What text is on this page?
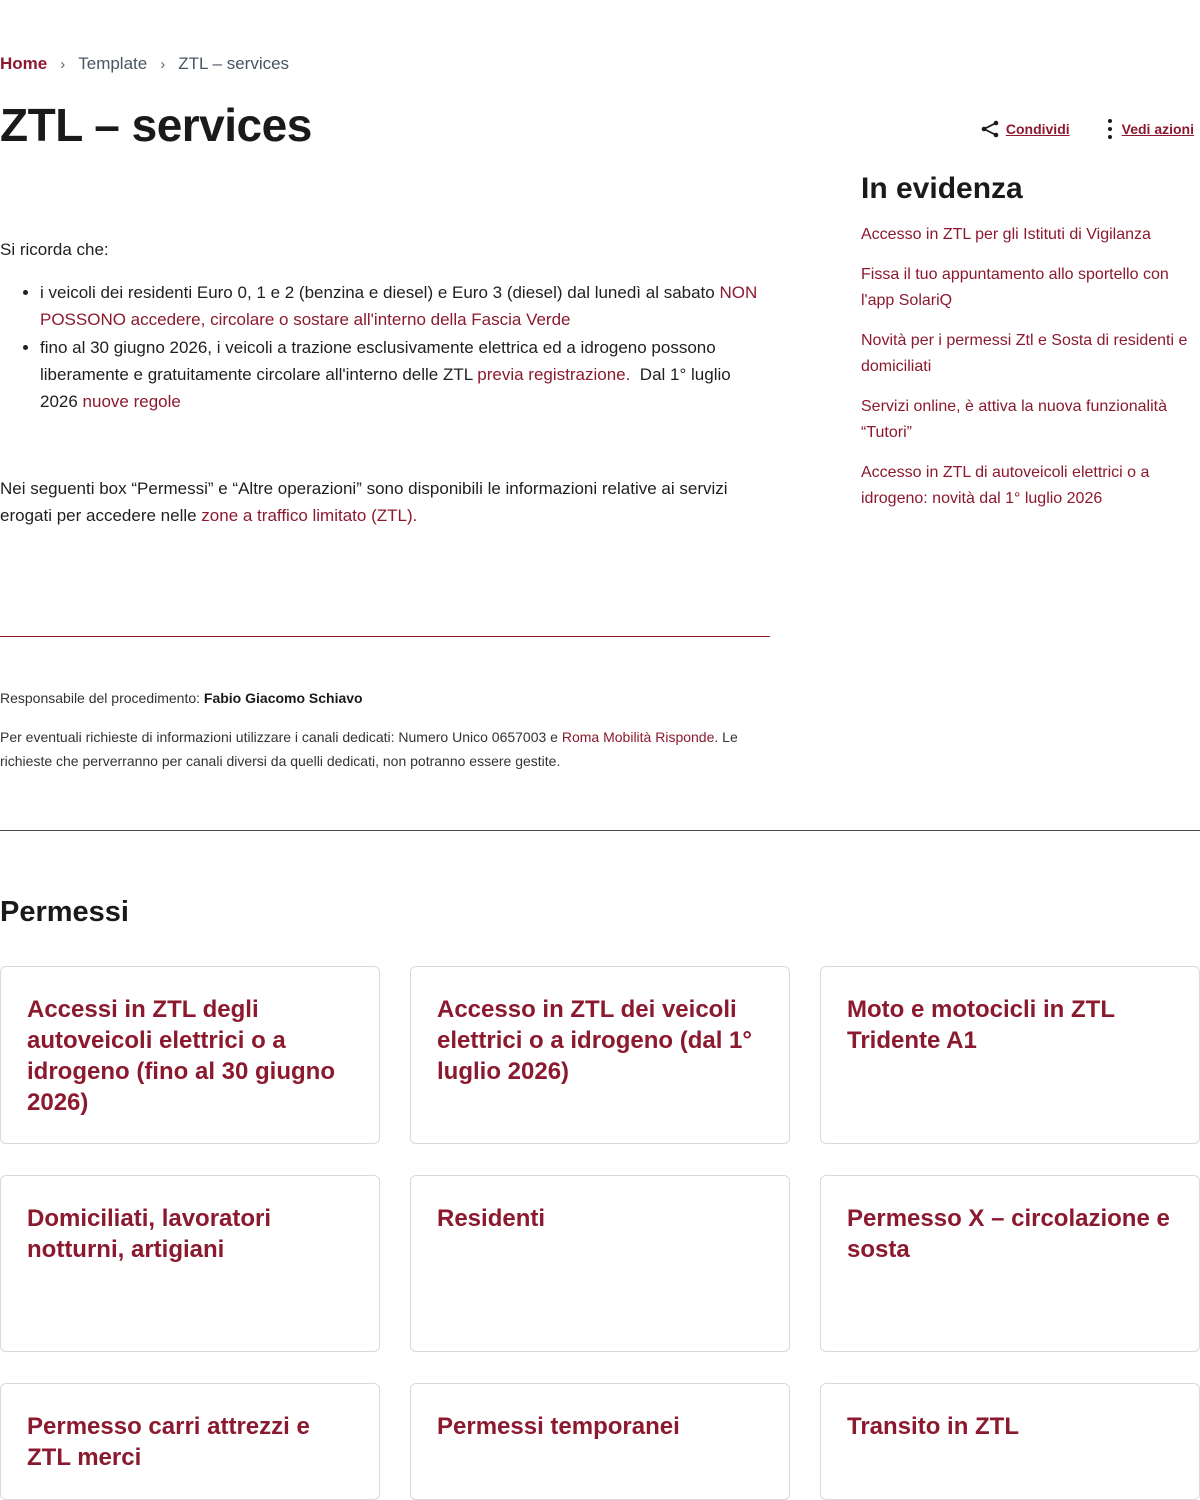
Home › Template › ZTL – services
ZTL – services	Condividi	Vedi azioni
In evidenza
Accesso in ZTL per gli Istituti di Vigilanza
Fissa il tuo appuntamento allo sportello con l'app SolariQ
Novità per i permessi Ztl e Sosta di residenti e domiciliati
Servizi online, è attiva la nuova funzionalità “Tutori”
Accesso in ZTL di autoveicoli elettrici o a idrogeno: novità dal 1° luglio 2026

Si ricorda che:

• i veicoli dei residenti Euro 0, 1 e 2 (benzina e diesel) e Euro 3 (diesel) dal lunedì al sabato NON POSSONO accedere, circolare o sostare all'interno della Fascia Verde
• fino al 30 giugno 2026, i veicoli a trazione esclusivamente elettrica ed a idrogeno possono liberamente e gratuitamente circolare all'interno delle ZTL previa registrazione.  Dal 1° luglio 2026 nuove regole

Nei seguenti box “Permessi” e “Altre operazioni” sono disponibili le informazioni relative ai servizi erogati per accedere nelle zone a traffico limitato (ZTL).

Responsabile del procedimento: Fabio Giacomo Schiavo

Per eventuali richieste di informazioni utilizzare i canali dedicati: Numero Unico 0657003 e Roma Mobilità Risponde. Le richieste che perverranno per canali diversi da quelli dedicati, non potranno essere gestite.

Permessi
Accessi in ZTL degli autoveicoli elettrici o a idrogeno (fino al 30 giugno 2026)
Accesso in ZTL dei veicoli elettrici o a idrogeno (dal 1° luglio 2026)
Moto e motocicli in ZTL Tridente A1
Domiciliati, lavoratori notturni, artigiani
Residenti	Permesso X – circolazione e sosta
Permesso carri attrezzi e ZTL merci
Permessi temporanei	Transito in ZTL
